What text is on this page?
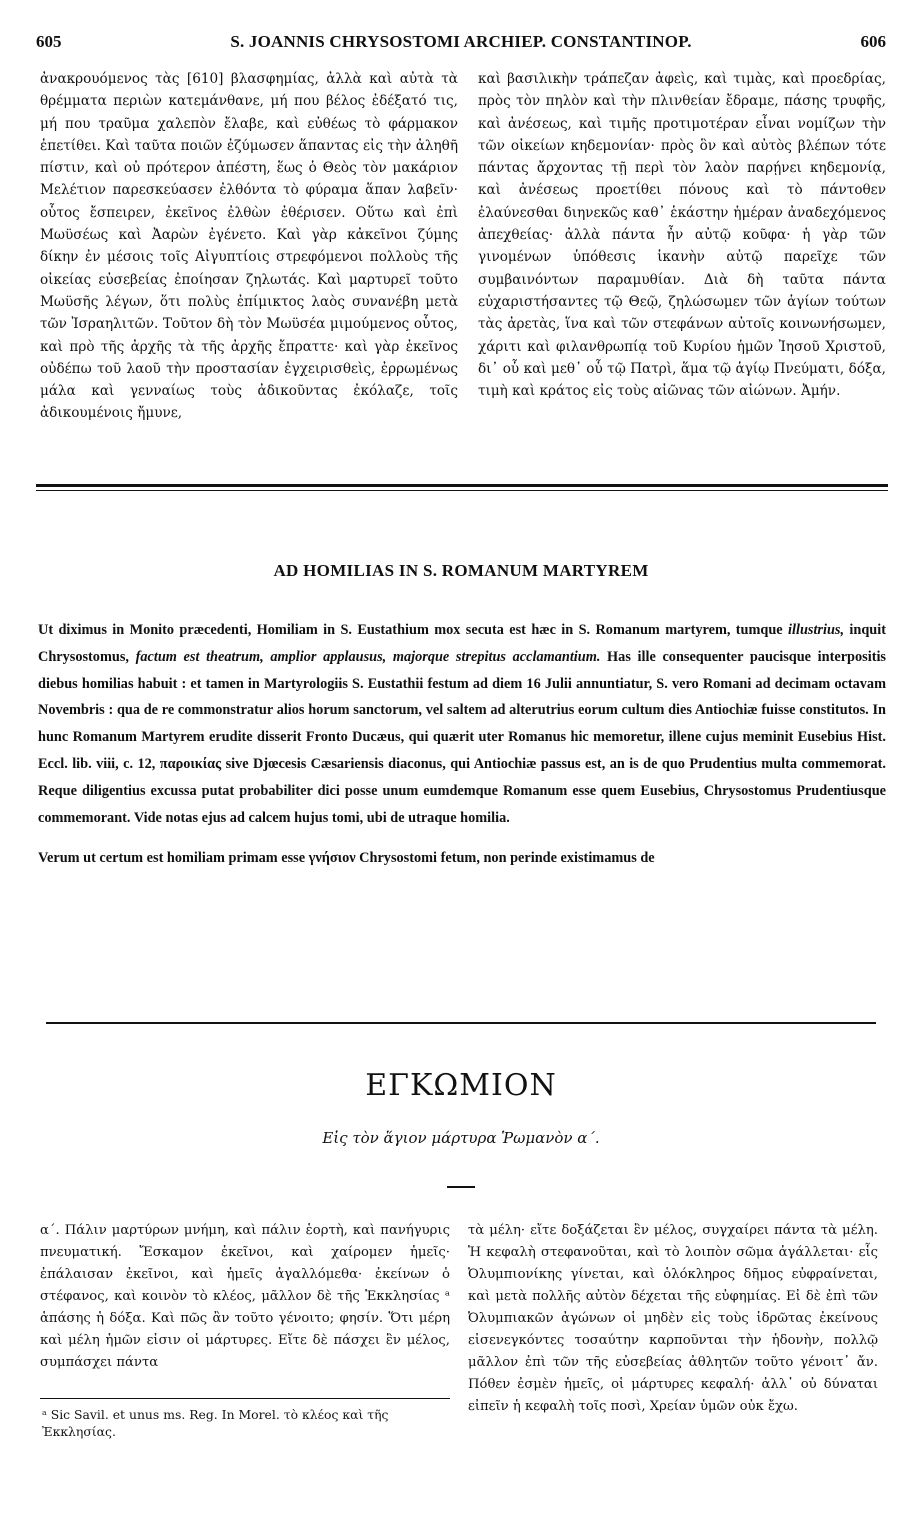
605	S. JOANNIS CHRYSOSTOMI ARCHIEP. CONSTANTINOP.	606

ἀνακρουόμενος τὰς [610] βλασφημίας, ἀλλὰ καὶ αὐτὰ τὰ θρέμματα περιὼν κατεμάνθανε, μή που βέλος ἐδέξατό τις, μή που τραῦμα χαλεπὸν ἔλαβε, καὶ εὐθέως τὸ φάρμακον ἐπετίθει. Καὶ ταῦτα ποιῶν ἐζύμωσεν ἅπαντας εἰς τὴν ἀληθῆ πίστιν, καὶ οὐ πρότερον ἀπέστη, ἕως ὁ Θεὸς τὸν μακάριον Μελέτιον παρεσκεύασεν ἐλθόντα τὸ φύραμα ἅπαν λαβεῖν· οὗτος ἔσπειρεν, ἐκεῖνος ἐλθὼν ἐθέρισεν. Οὕτω καὶ ἐπὶ Μωϋσέως καὶ Ἀαρὼν ἐγένετο. Καὶ γὰρ κἀκεῖνοι ζύμης δίκην ἐν μέσοις τοῖς Αἰγυπτίοις στρεφόμενοι πολλοὺς τῆς οἰκείας εὐσεβείας ἐποίησαν ζηλωτάς. Καὶ μαρτυρεῖ τοῦτο Μωϋσῆς λέγων, ὅτι πολὺς ἐπίμικτος λαὸς συνανέβη μετὰ τῶν Ἰσραηλιτῶν. Τοῦτον δὴ τὸν Μωϋσέα μιμούμενος οὗτος, καὶ πρὸ τῆς ἀρχῆς τὰ τῆς ἀρχῆς ἔπραττε· καὶ γὰρ ἐκεῖνος οὐδέπω τοῦ λαοῦ τὴν προστασίαν ἐγχειρισθεὶς, ἐρρωμένως μάλα καὶ γενναίως τοὺς ἀδικοῦντας ἐκόλαζε, τοῖς ἀδικουμένοις ἤμυνε,

καὶ βασιλικὴν τράπεζαν ἀφεὶς, καὶ τιμὰς, καὶ προεδρίας, πρὸς τὸν πηλὸν καὶ τὴν πλινθείαν ἔδραμε, πάσης τρυφῆς, καὶ ἀνέσεως, καὶ τιμῆς προτιμοτέραν εἶναι νομίζων τὴν τῶν οἰκείων κηδεμονίαν· πρὸς ὃν καὶ αὐτὸς βλέπων τότε πάντας ἄρχοντας τῇ περὶ τὸν λαὸν παρῄνει κηδεμονίᾳ, καὶ ἀνέσεως προετίθει πόνους καὶ τὸ πάντοθεν ἐλαύνεσθαι διηνεκῶς καθ᾽ ἑκάστην ἡμέραν ἀναδεχόμενος ἀπεχθείας· ἀλλὰ πάντα ἦν αὐτῷ κοῦφα· ἡ γὰρ τῶν γινομένων ὑπόθεσις ἱκανὴν αὐτῷ παρεῖχε τῶν συμβαινόντων παραμυθίαν. Διὰ δὴ ταῦτα πάντα εὐχαριστήσαντες τῷ Θεῷ, ζηλώσωμεν τῶν ἁγίων τούτων τὰς ἀρετὰς, ἵνα καὶ τῶν στεφάνων αὐτοῖς κοινωνήσωμεν, χάριτι καὶ φιλανθρωπίᾳ τοῦ Κυρίου ἡμῶν Ἰησοῦ Χριστοῦ, δι᾽ οὗ καὶ μεθ᾽ οὗ τῷ Πατρὶ, ἅμα τῷ ἁγίῳ Πνεύματι, δόξα, τιμὴ καὶ κράτος εἰς τοὺς αἰῶνας τῶν αἰώνων. Ἀμήν.

AD HOMILIAS IN S. ROMANUM MARTYREM

Ut diximus in Monito præcedenti, Homiliam in S. Eustathium mox secuta est hæc in S. Romanum martyrem, tumque illustrius, inquit Chrysostomus, factum est theatrum, amplior applausus, majorque strepitus acclamantium. Has ille consequenter paucisque interpositis diebus homilias habuit : et tamen in Martyrologiis S. Eustathii festum ad diem 16 Julii annuntiatur, S. vero Romani ad decimam octavam Novembris : qua de re commonstratur alios horum sanctorum, vel saltem ad alterutrius eorum cultum dies Antiochiæ fuisse constitutos. In hunc Romanum Martyrem erudite disserit Fronto Ducæus, qui quærit uter Romanus hic memoretur, illene cujus meminit Eusebius Hist. Eccl. lib. viii, c. 12, παροικίας sive Djœcesis Cæsariensis diaconus, qui Antiochiæ passus est, an is de quo Prudentius multa commemorat. Reque diligentius excussa putat probabiliter dici posse unum eumdemque Romanum esse quem Eusebius, Chrysostomus Prudentiusque commemorant. Vide notas ejus ad calcem hujus tomi, ubi de utraque homilia.

Verum ut certum est homiliam primam esse γνήσιον Chrysostomi fetum, non perinde existimamus de

ΕΓΚΩΜΙΟΝ
Εἰς τὸν ἅγιον μάρτυρα Ῥωμανὸν α΄.

α΄. Πάλιν μαρτύρων μνήμη, καὶ πάλιν ἑορτὴ, καὶ πανήγυρις πνευματική. Ἔσκαμον ἐκεῖνοι, καὶ χαίρομεν ἡμεῖς· ἐπάλαισαν ἐκεῖνοι, καὶ ἡμεῖς ἀγαλλόμεθα· ἐκείνων ὁ στέφανος, καὶ κοινὸν τὸ κλέος, μᾶλλον δὲ τῆς Ἐκκλησίας ᵃ ἁπάσης ἡ δόξα. Καὶ πῶς ἂν τοῦτο γένοιτο; φησίν. Ὅτι μέρη καὶ μέλη ἡμῶν εἰσιν οἱ μάρτυρες. Εἴτε δὲ πάσχει ἓν μέλος, συμπάσχει πάντα

τὰ μέλη· εἴτε δοξάζεται ἓν μέλος, συγχαίρει πάντα τὰ μέλη. Ἡ κεφαλὴ στεφανοῦται, καὶ τὸ λοιπὸν σῶμα ἀγάλλεται· εἷς Ὀλυμπιονίκης γίνεται, καὶ ὁλόκληρος δῆμος εὐφραίνεται, καὶ μετὰ πολλῆς αὐτὸν δέχεται τῆς εὐφημίας. Εἰ δὲ ἐπὶ τῶν Ὀλυμπιακῶν ἀγώνων οἱ μηδὲν εἰς τοὺς ἱδρῶτας ἐκείνους εἰσενεγκόντες τοσαύτην καρποῦνται τὴν ἡδονὴν, πολλῷ μᾶλλον ἐπὶ τῶν τῆς εὐσεβείας ἀθλητῶν τοῦτο γένοιτ᾽ ἄν. Πόθεν ἐσμὲν ἡμεῖς, οἱ μάρτυρες κεφαλή· ἀλλ᾽ οὐ δύναται εἰπεῖν ἡ κεφαλὴ τοῖς ποσὶ, Χρείαν ὑμῶν οὐκ ἔχω.

ᵃ Sic Savil. et unus ms. Reg. In Morel. τὸ κλέος καὶ τῆς Ἐκκλησίας.
